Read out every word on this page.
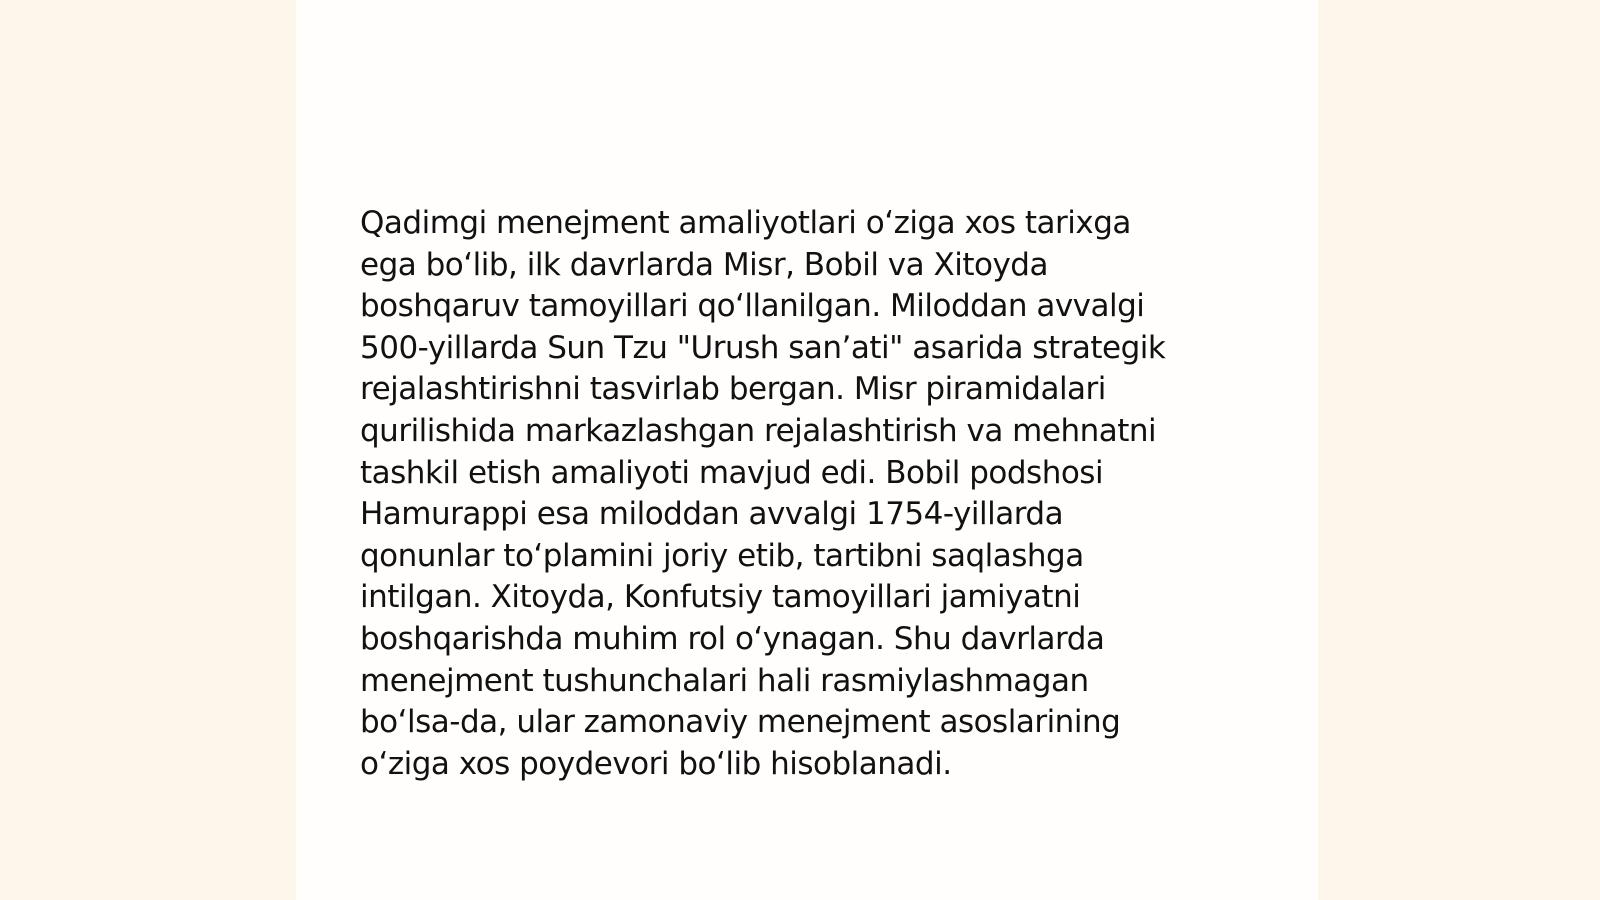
Qadimgi menejment amaliyotlari oʻziga xos tarixga
ega boʻlib, ilk davrlarda Misr, Bobil va Xitoyda
boshqaruv tamoyillari qoʻllanilgan. Miloddan avvalgi
500-yillarda Sun Tzu "Urush san’ati" asarida strategik
rejalashtirishni tasvirlab bergan. Misr piramidalari
qurilishida markazlashgan rejalashtirish va mehnatni
tashkil etish amaliyoti mavjud edi. Bobil podshosi
Hamurappi esa miloddan avvalgi 1754-yillarda
qonunlar toʻplamini joriy etib, tartibni saqlashga
intilgan. Xitoyda, Konfutsiy tamoyillari jamiyatni
boshqarishda muhim rol oʻynagan. Shu davrlarda
menejment tushunchalari hali rasmiylashmagan
boʻlsa-da, ular zamonaviy menejment asoslarining
oʻziga xos poydevori boʻlib hisoblanadi.
